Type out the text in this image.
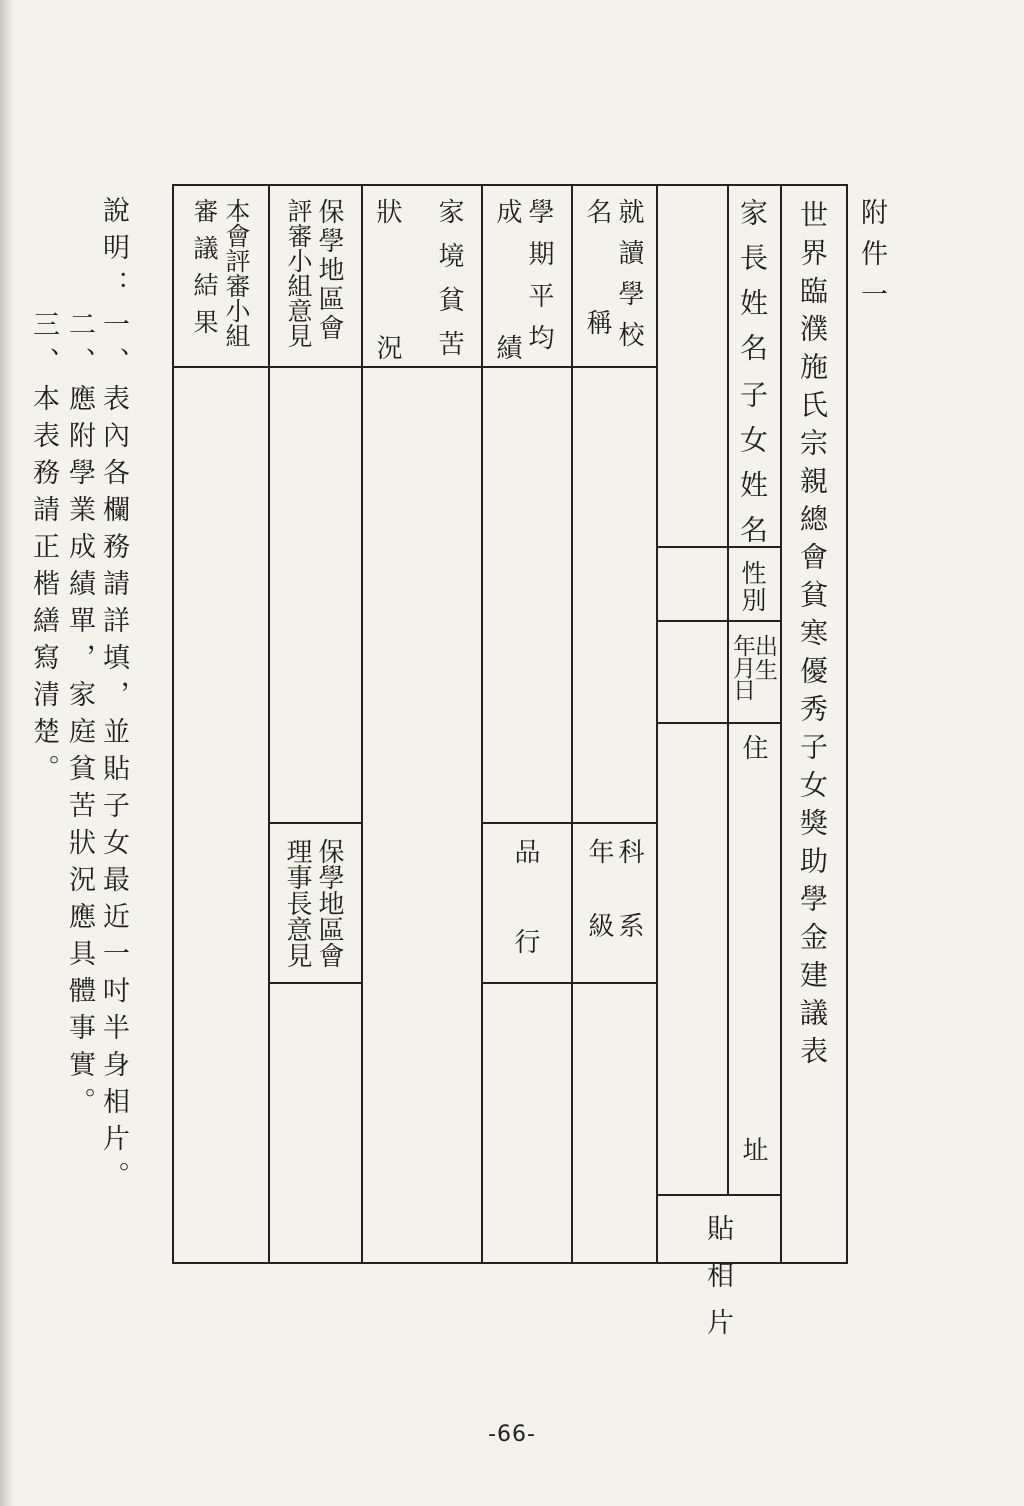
附件一
世界臨濮施氏宗親總會貧寒優秀子女獎助學金建議表
家長姓名
子女姓名
性別
出生
年月日
住
址
貼相片
就讀學校
名稱
科系
年級
學期平均
成績
品
行
家境貧苦
狀況
保學地區會
評審小組意見
保學地區會
理事長意見
本會評審小組
審議結果
說明：
一、表內各欄務請詳填，並貼子女最近一吋半身相片。
二、應附學業成績單，家庭貧苦狀況應具體事實。
三、本表務請正楷繕寫清楚。
-66-
